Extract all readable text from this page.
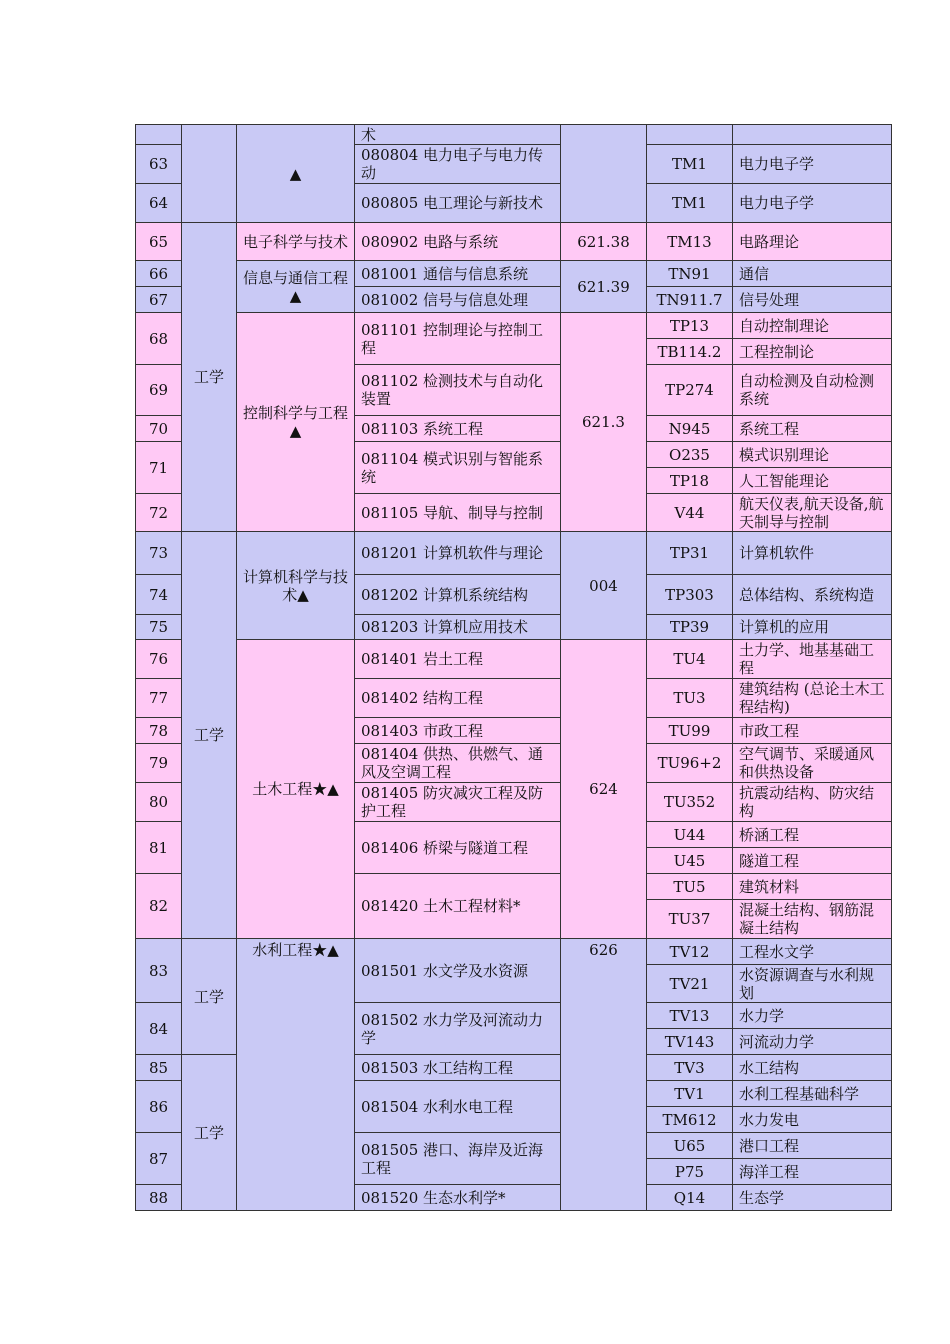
		▲	术			
63			080804 电力电子与电力传动		TM1	电力电子学
64			080805 电工理论与新技术		TM1	电力电子学
65	工学	电子科学与技术	080902 电路与系统	621.38	TM13	电路理论
66		信息与通信工程▲	081001 通信与信息系统	621.39	TN91	通信
67			081002 信号与信息处理		TN911.7	信号处理
68		控制科学与工程▲	081101 控制理论与控制工程	621.3	TP13	自动控制理论
					TB114.2	工程控制论
69			081102 检测技术与自动化装置		TP274	自动检测及自动检测系统
70			081103 系统工程		N945	系统工程
71			081104 模式识别与智能系统		O235	模式识别理论
					TP18	人工智能理论
72			081105 导航、制导与控制		V44	航天仪表,航天设备,航天制导与控制
73	工学	计算机科学与技术▲	081201 计算机软件与理论	004	TP31	计算机软件
74			081202 计算机系统结构		TP303	总体结构、系统构造
75			081203 计算机应用技术		TP39	计算机的应用
76		土木工程★▲	081401 岩土工程	624	TU4	土力学、地基基础工程
77			081402 结构工程		TU3	建筑结构 (总论土木工程结构)
78			081403 市政工程		TU99	市政工程
79			081404 供热、供燃气、通风及空调工程		TU96+2	空气调节、采暖通风和供热设备
80			081405 防灾减灾工程及防护工程		TU352	抗震动结构、防灾结构
81			081406 桥梁与隧道工程		U44	桥涵工程
					U45	隧道工程
82			081420 土木工程材料*		TU5	建筑材料
					TU37	混凝土结构、钢筋混凝土结构
83	工学	水利工程★▲	081501 水文学及水资源	626	TV12	工程水文学
					TV21	水资源调查与水利规划
84			081502 水力学及河流动力学		TV13	水力学
					TV143	河流动力学
85	工学		081503 水工结构工程		TV3	水工结构
86			081504 水利水电工程		TV1	水利工程基础科学
					TM612	水力发电
87			081505 港口、海岸及近海工程		U65	港口工程
					P75	海洋工程
88			081520 生态水利学*		Q14	生态学
